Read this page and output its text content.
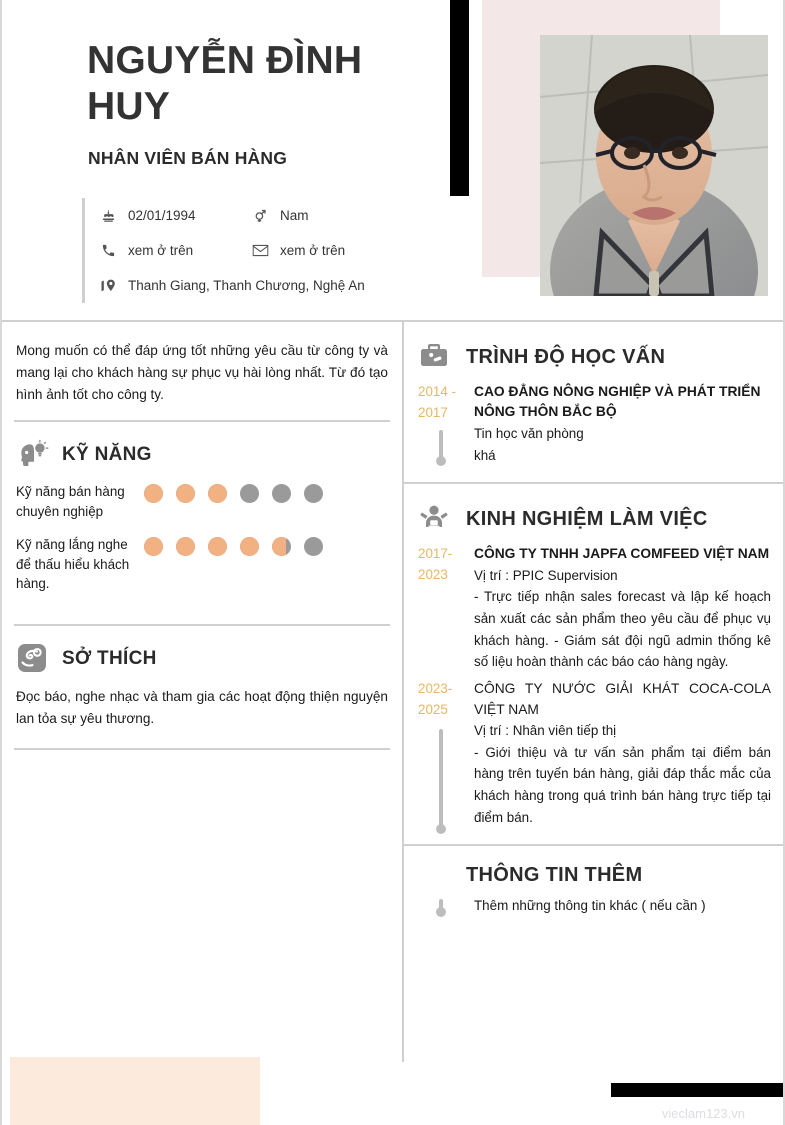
NGUYỄN ĐÌNH HUY
NHÂN VIÊN BÁN HÀNG
02/01/1994	Nam
xem ở trên	xem ở trên
Thanh Giang, Thanh Chương, Nghệ An
Mong muốn có thể đáp ứng tốt những yêu cầu từ công ty và mang lại cho khách hàng sự phục vụ hài lòng nhất. Từ đó tạo hình ảnh tốt cho công ty.
KỸ NĂNG
Kỹ năng bán hàng chuyên nghiệp
Kỹ năng lắng nghe để thấu hiểu khách hàng.
SỞ THÍCH
Đọc báo, nghe nhạc và tham gia các hoạt động thiện nguyện lan tỏa sự yêu thương.
TRÌNH ĐỘ HỌC VẤN
2014 - 2017
CAO ĐẲNG NÔNG NGHIỆP VÀ PHÁT TRIỂN NÔNG THÔN BẮC BỘ
Tin học văn phòng
khá
KINH NGHIỆM LÀM VIỆC
2017-2023
CÔNG TY TNHH JAPFA COMFEED VIỆT NAM
Vị trí : PPIC Supervision
- Trực tiếp nhận sales forecast và lập kế hoạch sản xuất các sản phẩm theo yêu cầu để phục vụ khách hàng. - Giám sát đội ngũ admin thống kê số liệu hoàn thành các báo cáo hàng ngày.
2023-2025
CÔNG TY NƯỚC GIẢI KHÁT COCA-COLA VIỆT NAM
Vị trí : Nhân viên tiếp thị
- Giới thiệu và tư vấn sản phẩm tại điểm bán hàng trên tuyến bán hàng, giải đáp thắc mắc của khách hàng trong quá trình bán hàng trực tiếp tại điểm bán.
THÔNG TIN THÊM
Thêm những thông tin khác ( nếu cần )
vieclam123.vn
